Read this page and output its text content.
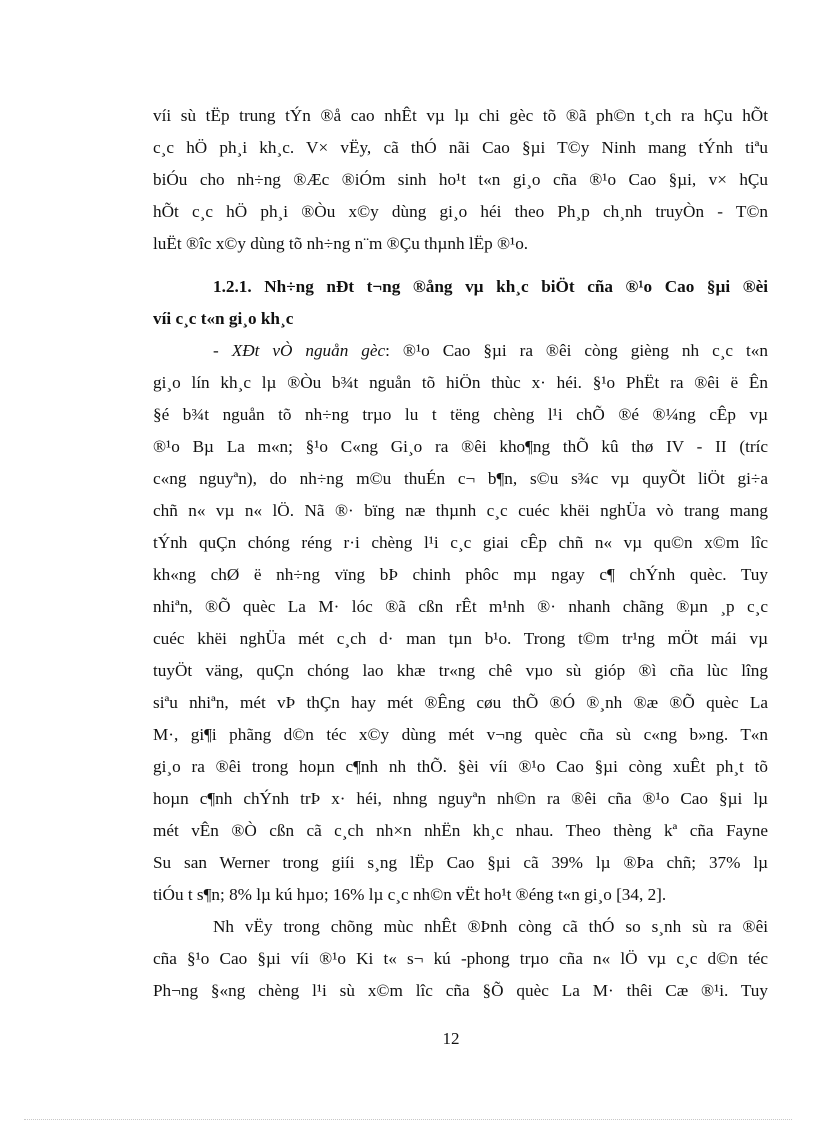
víi sù tËp trung tÝn ®å cao nhÊt vµ lµ chi gèc tõ ®ã ph©n t¸ch ra hÇu hÕt
c¸c hÖ ph¸i kh¸c. V× vËy, cã thÓ nãi Cao §µi T©y Ninh mang tÝnh tiªu
biÓu cho nh÷ng ®Æc ®iÓm sinh ho¹t t«n gi¸o cña ®¹o Cao §µi, v× hÇu
hÕt c¸c hÖ ph¸i ®Òu x©y dùng gi¸o héi theo Ph¸p ch¸nh truyÒn - T©n
luËt ®îc x©y dùng tõ nh÷ng n¨m ®Çu thµnh lËp ®¹o.
1.2.1. Nh÷ng nÐt t¬ng ®ång vµ kh¸c biÖt cña ®¹o Cao §µi ®èi
víi c¸c t«n gi¸o kh¸c
- XÐt vÒ nguån gèc: ®¹o Cao §µi ra ®êi còng gièng nh c¸c t«n
gi¸o lín kh¸c lµ ®Òu b¾t nguån tõ hiÖn thùc x· héi. §¹o PhËt ra ®êi ë Ên
§é b¾t nguån tõ nh÷ng trµo lu t tëng chèng l¹i chÕ ®é ®¼ng cÊp vµ
®¹o Bµ La m«n; §¹o C«ng Gi¸o ra ®êi kho¶ng thÕ kû thø IV - II (tríc
c«ng nguyªn), do nh÷ng m©u thuÉn c¬ b¶n, s©u s¾c vµ quyÕt liÖt gi÷a
chñ n« vµ n« lÖ. Nã ®· bïng næ thµnh c¸c cuéc khëi nghÜa vò trang mang
tÝnh quÇn chóng réng r·i chèng l¹i c¸c giai cÊp chñ n« vµ qu©n x©m lîc
kh«ng chØ ë nh÷ng vïng bÞ chinh phôc mµ ngay c¶ chÝnh quèc. Tuy
nhiªn, ®Õ quèc La M· lóc ®ã cßn rÊt m¹nh ®· nhanh chãng ®µn ¸p c¸c
cuéc khëi nghÜa mét c¸ch d· man tµn b¹o. Trong t©m tr¹ng mÖt mái vµ
tuyÖt väng, quÇn chóng lao khæ tr«ng chê vµo sù gióp ®ì cña lùc lîng
siªu nhiªn, mét vÞ thÇn hay mét ®Êng cøu thÕ ®Ó ®¸nh ®æ ®Õ quèc La
M·, gi¶i phãng d©n téc x©y dùng mét v¬ng quèc cña sù c«ng b»ng. T«n
gi¸o ra ®êi trong hoµn c¶nh nh thÕ. §èi víi ®¹o Cao §µi còng xuÊt ph¸t tõ
hoµn c¶nh chÝnh trÞ x· héi, nhng nguyªn nh©n ra ®êi cña ®¹o Cao §µi lµ
mét vÊn ®Ò cßn cã c¸ch nh×n nhËn kh¸c nhau. Theo thèng kª cña Fayne
Su san Werner trong giíi s¸ng lËp Cao §µi cã 39% lµ ®Þa chñ; 37% lµ
tiÓu t s¶n; 8% lµ kú hµo; 16% lµ c¸c nh©n vËt ho¹t ®éng t«n gi¸o [34, 2].
Nh vËy trong chõng mùc nhÊt ®Þnh còng cã thÓ so s¸nh sù ra ®êi
cña §¹o Cao §µi víi ®¹o Ki t« s¬ kú -phong trµo cña n« lÖ vµ c¸c d©n téc
Ph¬ng §«ng chèng l¹i sù x©m lîc cña §Õ quèc La M· thêi Cæ ®¹i. Tuy
12
